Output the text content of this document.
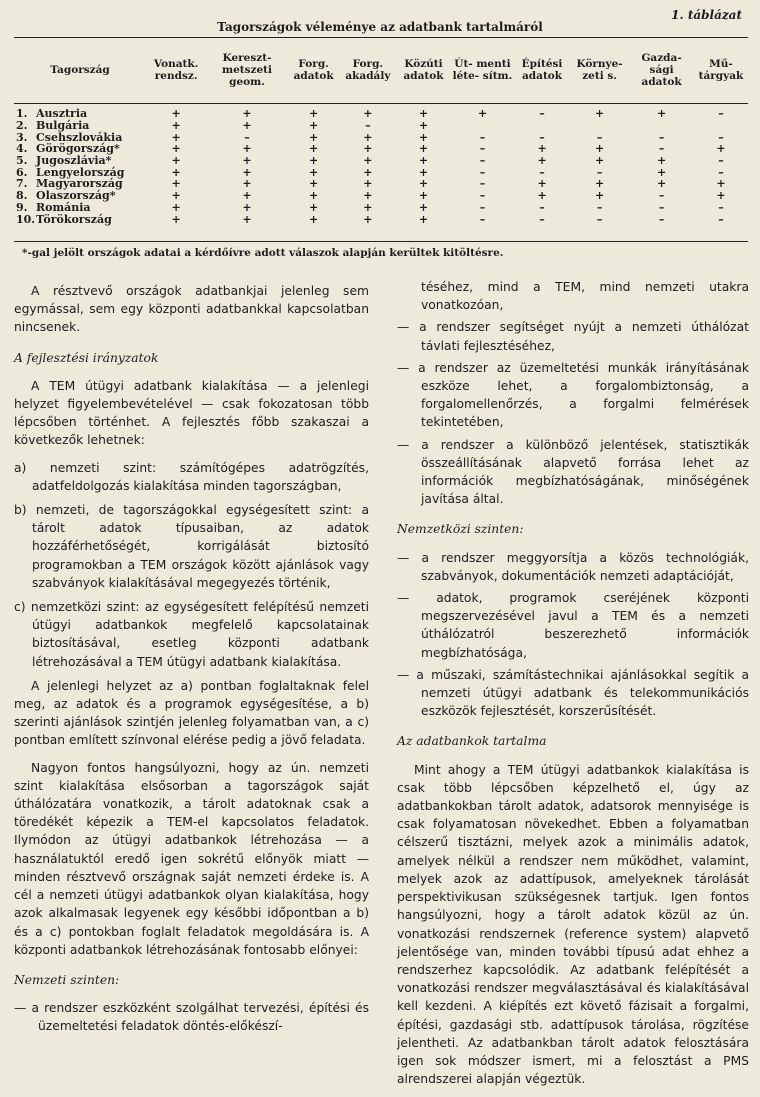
1. táblázat
Tagországok véleménye az adatbank tartalmáról
Tagország	Vonatk. rendsz.	Kereszt- metszeti geom.	Forg. adatok	Forg. akadály	Közúti adatok	Út- menti léte- sítm.	Építési adatok	Környe- zeti s.	Gazda- sági adatok	Mű- tárgyak
1. Ausztria	+	+	+	+	+	+	–	+	+	–
2. Bulgária	+	+	+	–	+					
3. Csehszlovákia	+	–	+	+	+	–	–	–	–	–
4. Görögország*	+	+	+	+	+	–	+	+	–	+
5. Jugoszlávia*	+	+	+	+	+	–	+	+	+	–
6. Lengyelország	+	+	+	+	+	–	–	–	+	–
7. Magyarország	+	+	+	+	+	–	+	+	+	+
8. Olaszország*	+	+	+	+	+	–	+	+	–	+
9. Románia	+	+	+	+	+	–	–	–	–	–
10.Törökország	+	+	+	+	+	–	–	–	–	–
*-gal jelölt országok adatai a kérdőívre adott válaszok alapján kerültek kitöltésre.

A résztvevő országok adatbankjai jelenleg sem egymással, sem egy központi adatbankkal kapcsolatban nincsenek.

A fejlesztési irányzatok

A TEM útügyi adatbank kialakítása — a jelenlegi helyzet figyelembevételével — csak fokozatosan több lépcsőben történhet. A fejlesztés főbb szakaszai a következők lehetnek:

a) nemzeti szint: számítógépes adatrögzítés, adatfeldolgozás kialakítása minden tagországban,

b) nemzeti, de tagországokkal egységesített szint: a tárolt adatok típusaiban, az adatok hozzáférhetőségét, korrigálását biztosító programokban a TEM országok között ajánlások vagy szabványok kialakításával megegyezés történik,

c) nemzetközi szint: az egységesített felépítésű nemzeti útügyi adatbankok megfelelő kapcsolatainak biztosításával, esetleg központi adatbank létrehozásával a TEM útügyi adatbank kialakítása.

A jelenlegi helyzet az a) pontban foglaltaknak felel meg, az adatok és a programok egységesítése, a b) szerinti ajánlások szintjén jelenleg folyamatban van, a c) pontban említett színvonal elérése pedig a jövő feladata.

Nagyon fontos hangsúlyozni, hogy az ún. nemzeti szint kialakítása elsősorban a tagországok saját úthálózatára vonatkozik, a tárolt adatoknak csak a töredékét képezik a TEM-el kapcsolatos feladatok. Ilymódon az útügyi adatbankok létrehozása — a használatuktól eredő igen sokrétű előnyök miatt — minden résztvevő országnak saját nemzeti érdeke is. A cél a nemzeti útügyi adatbankok olyan kialakítása, hogy azok alkalmasak legyenek egy későbbi időpontban a b) és a c) pontokban foglalt feladatok megoldására is. A központi adatbankok létrehozásának fontosabb előnyei:

Nemzeti szinten:

— a rendszer eszközként szolgálhat tervezési, építési és üzemeltetési feladatok döntés-előkészí-

téséhez, mind a TEM, mind nemzeti utakra vonatkozóan,

— a rendszer segítséget nyújt a nemzeti úthálózat távlati fejlesztéséhez,

— a rendszer az üzemeltetési munkák irányításának eszköze lehet, a forgalombiztonság, a forgalomellenőrzés, a forgalmi felmérések tekintetében,

— a rendszer a különböző jelentések, statisztikák összeállításának alapvető forrása lehet az információk megbízhatóságának, minőségének javítása által.

Nemzetközi szinten:

— a rendszer meggyorsítja a közös technológiák, szabványok, dokumentációk nemzeti adaptációját,

— adatok, programok cseréjének központi megszervezésével javul a TEM és a nemzeti úthálózatról beszerezhető információk megbízhatósága,

— a műszaki, számítástechnikai ajánlásokkal segítik a nemzeti útügyi adatbank és telekommunikációs eszközök fejlesztését, korszerűsítését.

Az adatbankok tartalma

Mint ahogy a TEM útügyi adatbankok kialakítása is csak több lépcsőben képzelhető el, úgy az adatbankokban tárolt adatok, adatsorok mennyisége is csak folyamatosan növekedhet. Ebben a folyamatban célszerű tisztázni, melyek azok a minimális adatok, amelyek nélkül a rendszer nem működhet, valamint, melyek azok az adattípusok, amelyeknek tárolását perspektivikusan szükségesnek tartjuk. Igen fontos hangsúlyozni, hogy a tárolt adatok közül az ún. vonatkozási rendszernek (reference system) alapvető jelentősége van, minden további típusú adat ehhez a rendszerhez kapcsolódik. Az adatbank felépítését a vonatkozási rendszer megválasztásával és kialakításával kell kezdeni. A kiépítés ezt követő fázisait a forgalmi, építési, gazdasági stb. adattípusok tárolása, rögzítése jelentheti. Az adatbankban tárolt adatok felosztására igen sok módszer ismert, mi a felosztást a PMS alrendszerei alapján végeztük.
